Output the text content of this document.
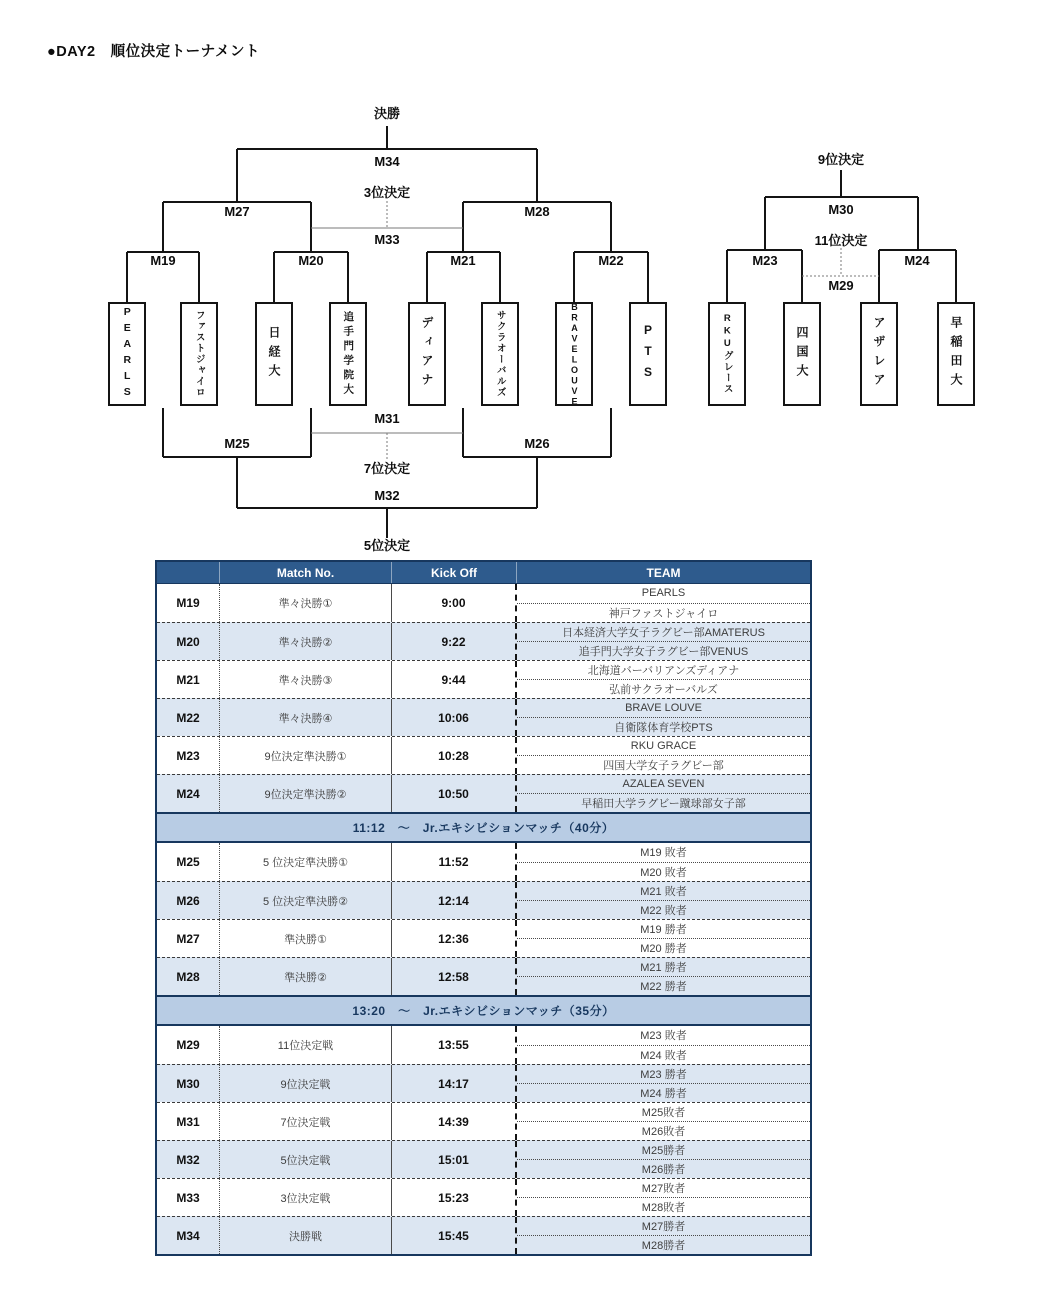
●DAY2　順位決定トーナメント
決勝
3位決定
7位決定
5位決定
9位決定
11位決定
M34
M33
M27	M28
M19	M20	M21	M22	M23	M24
M30
M29
M25	M26
M31
M32
PEARLS	ファストジャイロ	日経大	追手門学院大	ディアナ	サクラオーバルズ	BRAVELOUVE	PTS	RKUグレース	四国大	アザレア	早稲田大
Match No.	Kick Off	TEAM
M19	準々決勝①	9:00
PEARLS
神戸ファストジャイロ
M20	準々決勝②	9:22
日本経済大学女子ラグビー部AMATERUS
追手門大学女子ラグビー部VENUS
M21	準々決勝③	9:44
北海道バーバリアンズディアナ
弘前サクラオーバルズ
M22	準々決勝④	10:06
BRAVE LOUVE
自衛隊体育学校PTS
M23	9位決定準決勝①	10:28
RKU GRACE
四国大学女子ラグビー部
M24	9位決定準決勝②	10:50
AZALEA SEVEN
早稲田大学ラグビー蹴球部女子部
11:12　～　Jr.エキシビションマッチ（40分）
M25	5 位決定準決勝①	11:52
M19 敗者
M20 敗者
M26	5 位決定準決勝②	12:14
M21 敗者
M22 敗者
M27	準決勝①	12:36
M19 勝者
M20 勝者
M28	準決勝②	12:58
M21 勝者
M22 勝者
13:20　～　Jr.エキシビションマッチ（35分）
M29	11位決定戦	13:55
M23 敗者
M24 敗者
M30	9位決定戦	14:17
M23 勝者
M24 勝者
M31	7位決定戦	14:39
M25敗者
M26敗者
M32	5位決定戦	15:01
M25勝者
M26勝者
M33	3位決定戦	15:23
M27敗者
M28敗者
M34	決勝戦	15:45
M27勝者
M28勝者
